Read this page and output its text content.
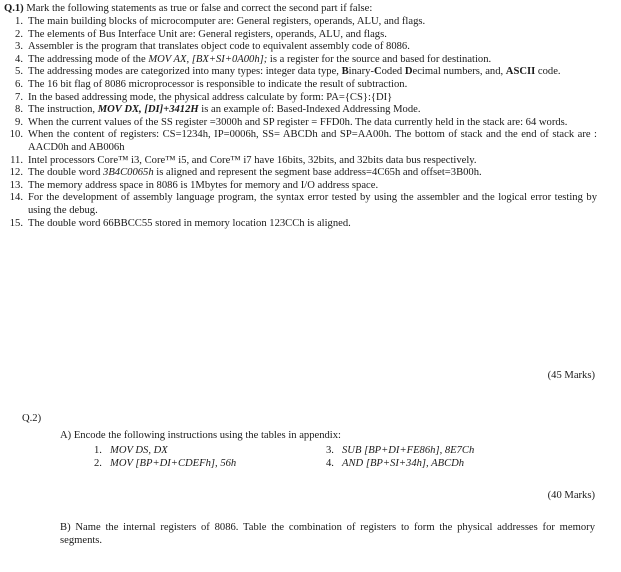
Q.1) Mark the following statements as true or false and correct the second part if false:
1. The main building blocks of microcomputer are: General registers, operands, ALU, and flags.
2. The elements of Bus Interface Unit are: General registers, operands, ALU, and flags.
3. Assembler is the program that translates object code to equivalent assembly code of 8086.
4. The addressing mode of the MOV AX, [BX+SI+0A00h]; is a register for the source and based for destination.
5. The addressing modes are categorized into many types: integer data type, Binary-Coded Decimal numbers, and, ASCII code.
6. The 16 bit flag of 8086 microprocessor is responsible to indicate the result of subtraction.
7. In the based addressing mode, the physical address calculate by form: PA={CS}:{DI}
8. The instruction, MOV DX, [DI]+3412H is an example of: Based-Indexed Addressing Mode.
9. When the current values of the SS register =3000h and SP register = FFD0h. The data currently held in the stack are: 64 words.
10. When the content of registers: CS=1234h, IP=0006h, SS= ABCDh and SP=AA00h. The bottom of stack and the end of stack are : AACD0h and AB006h
11. Intel processors Core™ i3, Core™ i5, and Core™ i7 have 16bits, 32bits, and 32bits data bus respectively.
12. The double word 3B4C0065h is aligned and represent the segment base address=4C65h and offset=3B00h.
13. The memory address space in 8086 is 1Mbytes for memory and I/O address space.
14. For the development of assembly language program, the syntax error tested by using the assembler and the logical error testing by using the debug.
15. The double word 66BBCC55 stored in memory location 123CCh is aligned.
(45 Marks)
Q.2)
A) Encode the following instructions using the tables in appendix:
1. MOV DS, DX
2. MOV [BP+DI+CDEFh], 56h
3. SUB [BP+DI+FE86h], 8E7Ch
4. AND [BP+SI+34h], ABCDh
(40 Marks)
B) Name the internal registers of 8086. Table the combination of registers to form the physical addresses for memory segments.
